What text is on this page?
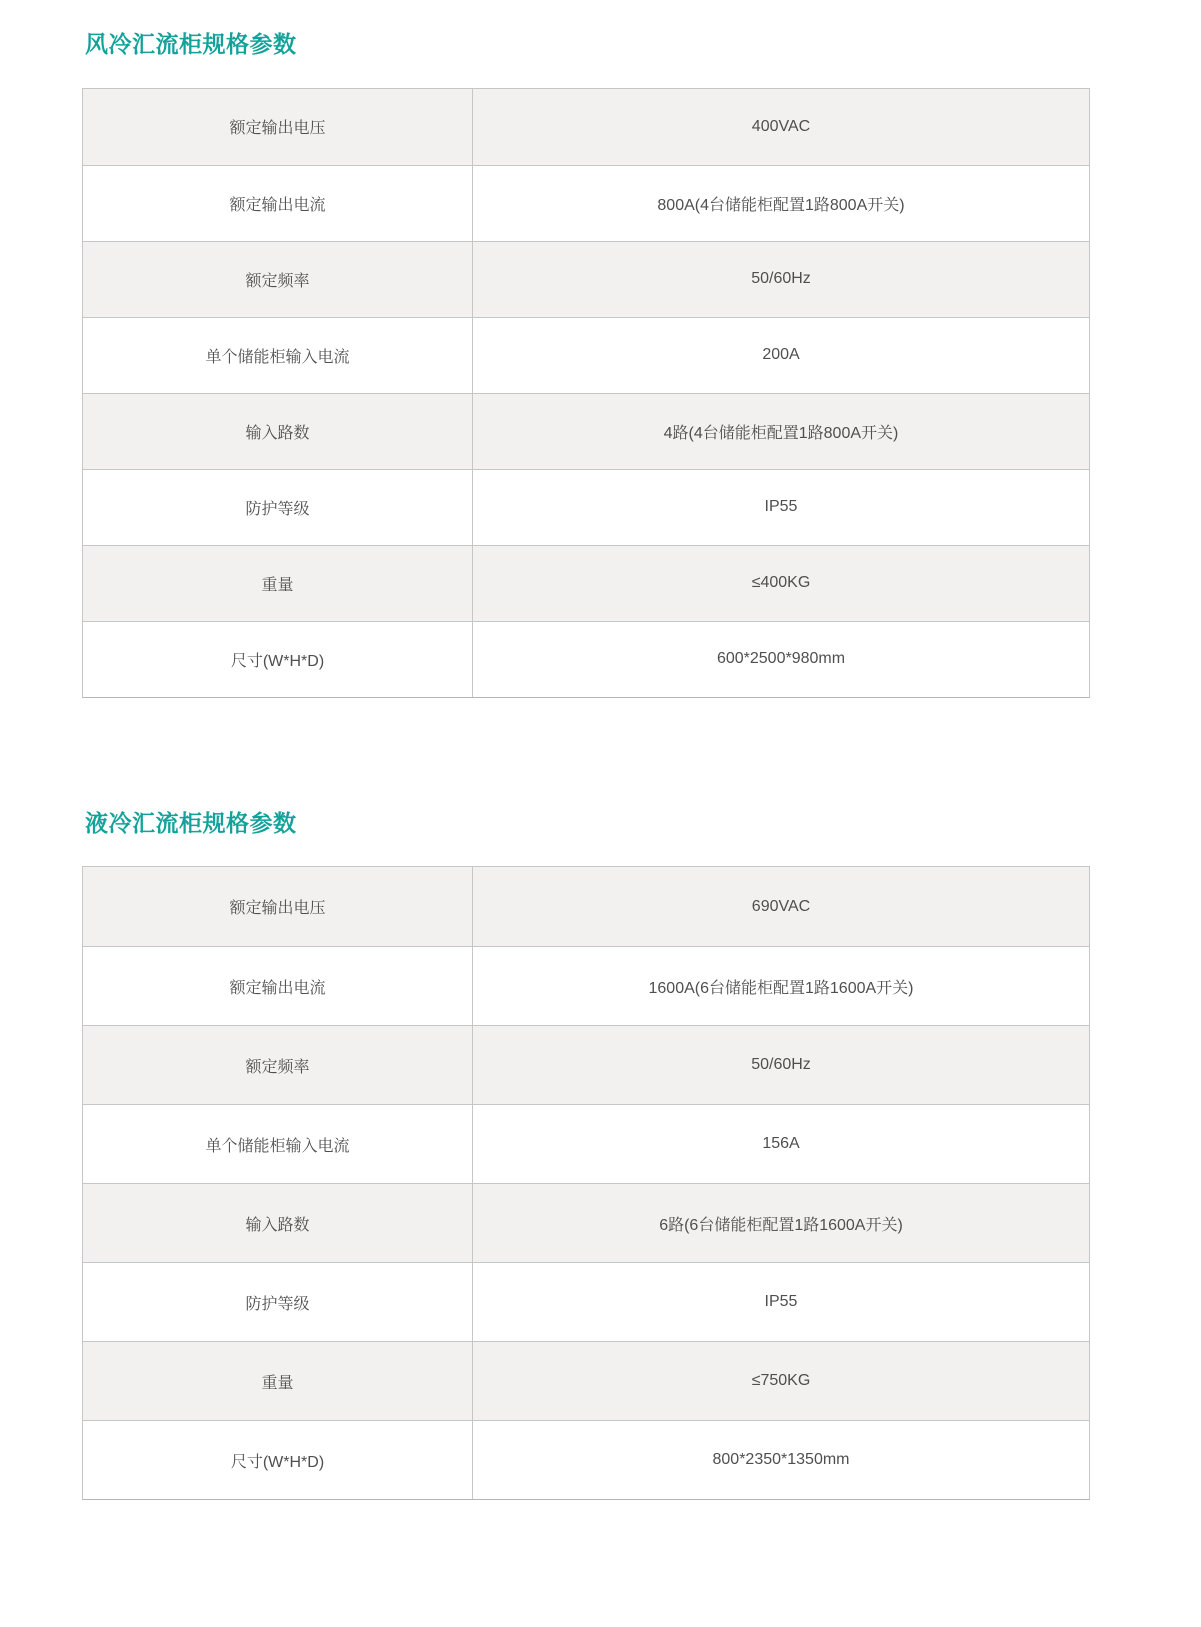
风冷汇流柜规格参数
额定输出电压	400VAC
额定输出电流	800A(4台储能柜配置1路800A开关)
额定频率	50/60Hz
单个储能柜输入电流	200A
输入路数	4路(4台储能柜配置1路800A开关)
防护等级	IP55
重量	≤400KG
尺寸(W*H*D)	600*2500*980mm
液冷汇流柜规格参数
额定输出电压	690VAC
额定输出电流	1600A(6台储能柜配置1路1600A开关)
额定频率	50/60Hz
单个储能柜输入电流	156A
输入路数	6路(6台储能柜配置1路1600A开关)
防护等级	IP55
重量	≤750KG
尺寸(W*H*D)	800*2350*1350mm
